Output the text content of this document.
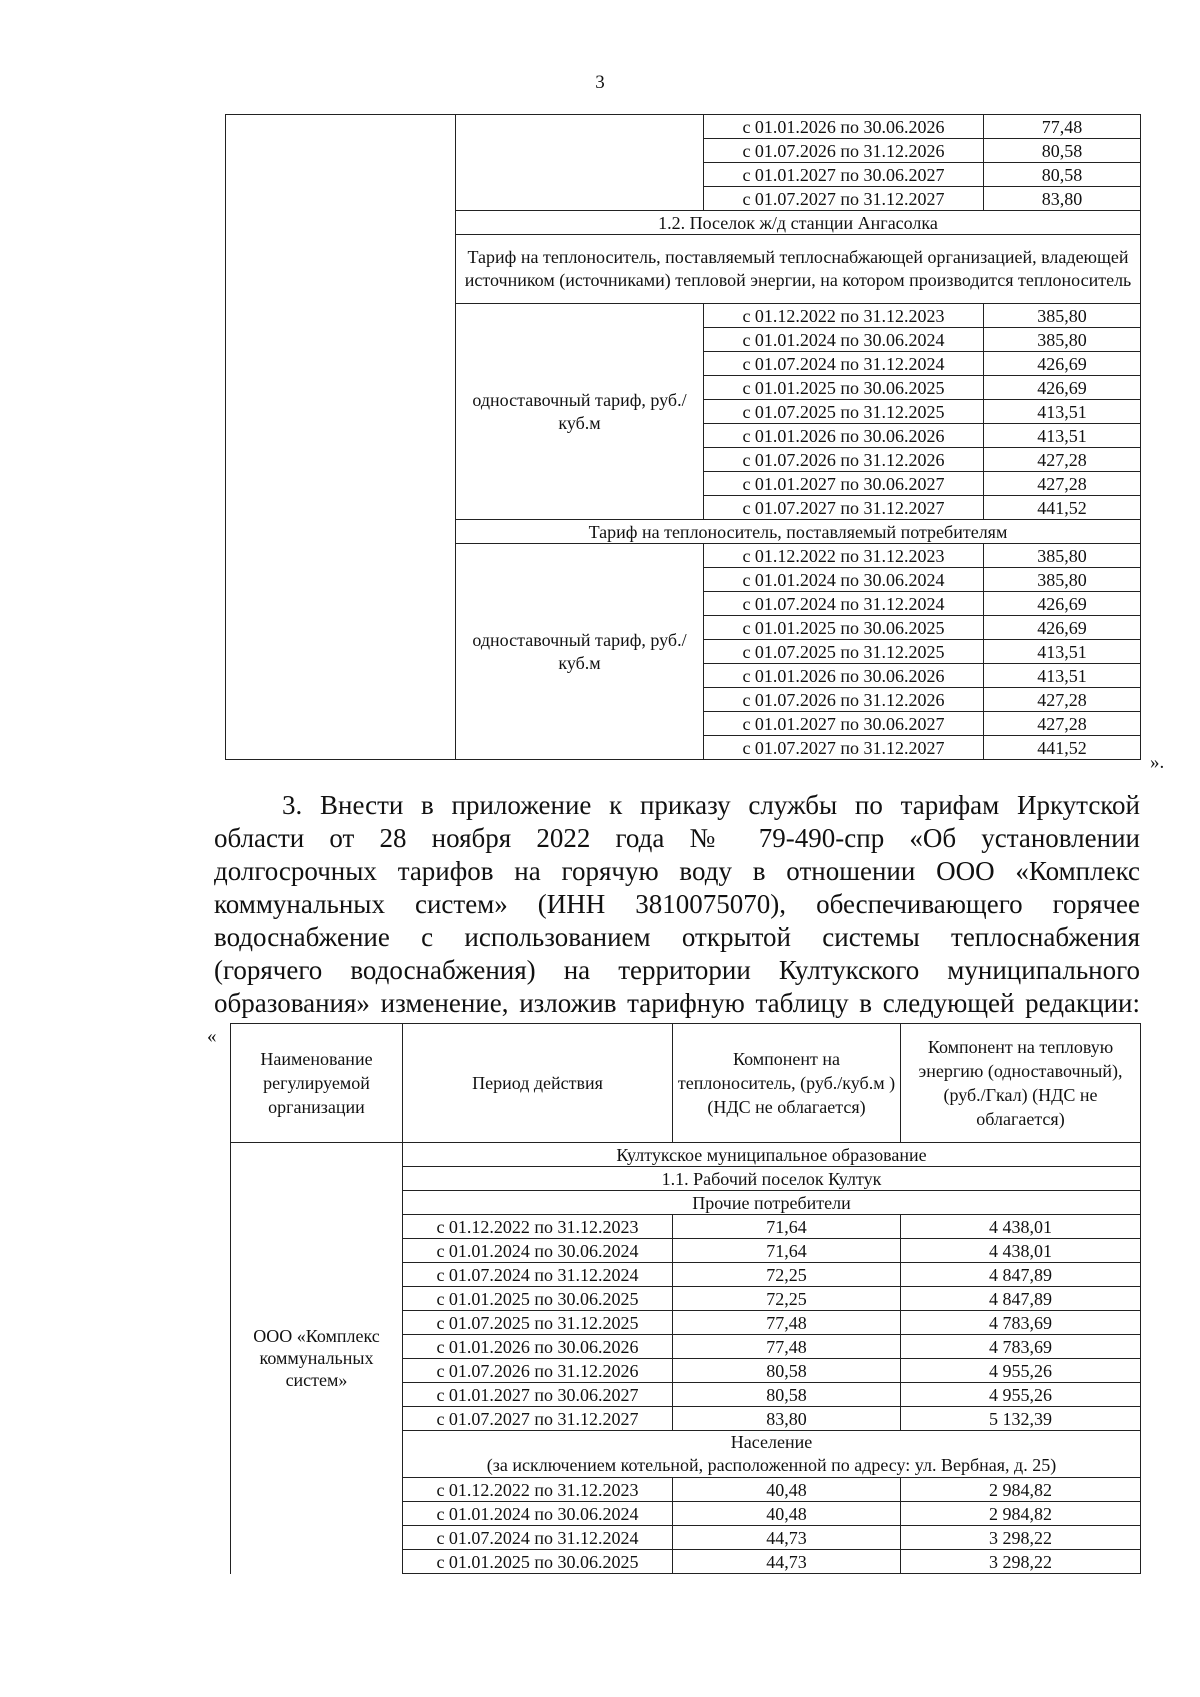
3
		с 01.01.2026 по 30.06.2026	77,48
		с 01.07.2026 по 31.12.2026	80,58
		с 01.01.2027 по 30.06.2027	80,58
		с 01.07.2027 по 31.12.2027	83,80
	1.2. Поселок ж/д станции Ангасолка		
	Тариф на теплоноситель, поставляемый теплоснабжающей организацией, владеющей источником (источниками) тепловой энергии, на котором производится теплоноситель		
	одноставочный тариф, руб./куб.м	с 01.12.2022 по 31.12.2023	385,80
		с 01.01.2024 по 30.06.2024	385,80
		с 01.07.2024 по 31.12.2024	426,69
		с 01.01.2025 по 30.06.2025	426,69
		с 01.07.2025 по 31.12.2025	413,51
		с 01.01.2026 по 30.06.2026	413,51
		с 01.07.2026 по 31.12.2026	427,28
		с 01.01.2027 по 30.06.2027	427,28
		с 01.07.2027 по 31.12.2027	441,52
	Тариф на теплоноситель, поставляемый потребителям		
	одноставочный тариф, руб./куб.м	с 01.12.2022 по 31.12.2023	385,80
		с 01.01.2024 по 30.06.2024	385,80
		с 01.07.2024 по 31.12.2024	426,69
		с 01.01.2025 по 30.06.2025	426,69
		с 01.07.2025 по 31.12.2025	413,51
		с 01.01.2026 по 30.06.2026	413,51
		с 01.07.2026 по 31.12.2026	427,28
		с 01.01.2027 по 30.06.2027	427,28
		с 01.07.2027 по 31.12.2027	441,52
».
3. Внести в приложение к приказу службы по тарифам Иркутской
области от 28 ноября 2022 года № 79-490-спр «Об установлении
долгосрочных тарифов на горячую воду в отношении ООО «Комплекс
коммунальных систем» (ИНН 3810075070), обеспечивающего горячее
водоснабжение с использованием открытой системы теплоснабжения
(горячего водоснабжения) на территории Култукского муниципального
образования» изменение, изложив тарифную таблицу в следующей редакции:
«
Наименование регулируемой организации	Период действия	Компонент на теплоноситель, (руб./куб.м ) (НДС не облагается)	Компонент на тепловую энергию (одноставочный), (руб./Гкал) (НДС не облагается)
ООО «Комплекс коммунальных систем»	Култукское муниципальное образование		
	1.1. Рабочий поселок Култук		
	Прочие потребители		
	с 01.12.2022 по 31.12.2023	71,64	4 438,01
	с 01.01.2024 по 30.06.2024	71,64	4 438,01
	с 01.07.2024 по 31.12.2024	72,25	4 847,89
	с 01.01.2025 по 30.06.2025	72,25	4 847,89
	с 01.07.2025 по 31.12.2025	77,48	4 783,69
	с 01.01.2026 по 30.06.2026	77,48	4 783,69
	с 01.07.2026 по 31.12.2026	80,58	4 955,26
	с 01.01.2027 по 30.06.2027	80,58	4 955,26
	с 01.07.2027 по 31.12.2027	83,80	5 132,39

	Население
(за исключением котельной, расположенной по адресу: ул. Вербная, д. 25)		

	с 01.12.2022 по 31.12.2023	40,48	2 984,82
	с 01.01.2024 по 30.06.2024	40,48	2 984,82
	с 01.07.2024 по 31.12.2024	44,73	3 298,22
	с 01.01.2025 по 30.06.2025	44,73	3 298,22
